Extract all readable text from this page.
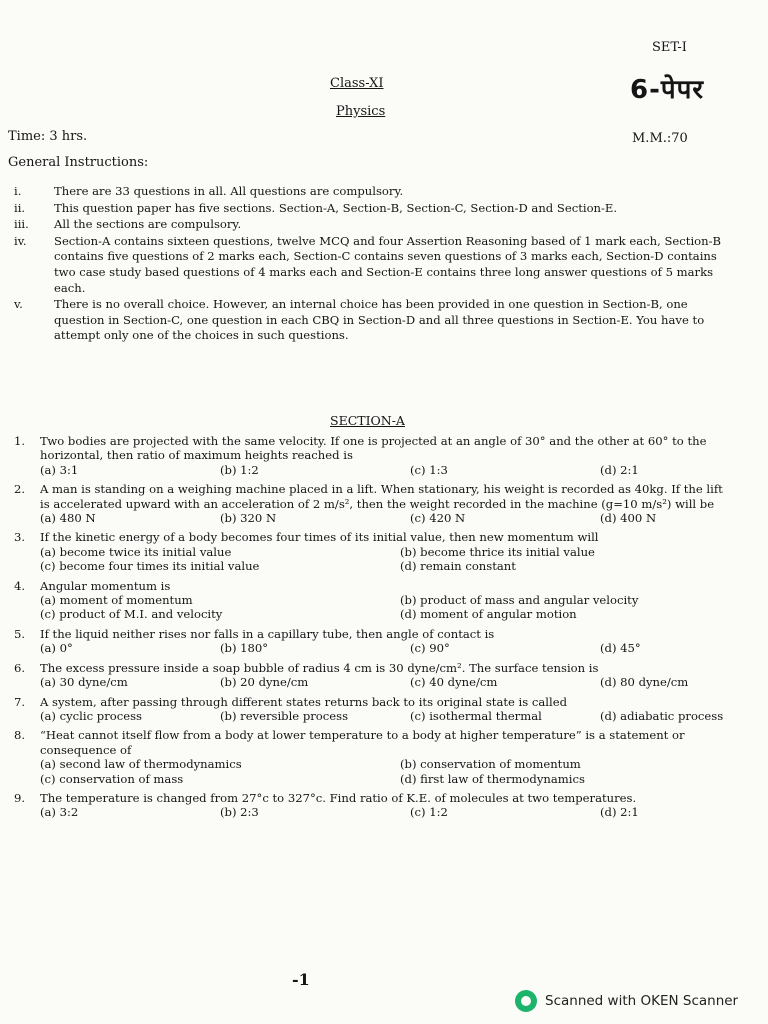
SET-I
Class-XI	6-पेपर
Physics
Time: 3 hrs.	M.M.:70
General Instructions:
i.	There are 33 questions in all. All questions are compulsory.
ii.	This question paper has five sections. Section-A, Section-B, Section-C, Section-D and Section-E.
iii.	All the sections are compulsory.
iv.	Section-A contains sixteen questions, twelve MCQ and four Assertion Reasoning based of 1 mark each, Section-B contains five questions of 2 marks each, Section-C contains seven questions of 3 marks each, Section-D contains two case study based questions of 4 marks each and Section-E contains three long answer questions of 5 marks each.
v.	There is no overall choice. However, an internal choice has been provided in one question in Section-B, one question in Section-C, one question in each CBQ in Section-D and all three questions in Section-E. You have to attempt only one of the choices in such questions.
SECTION-A
1.	Two bodies are projected with the same velocity. If one is projected at an angle of 30° and the other at 60° to the horizontal, then ratio of maximum heights reached is
(a) 3:1	(b) 1:2	(c) 1:3	(d) 2:1
2.	A man is standing on a weighing machine placed in a lift. When stationary, his weight is recorded as 40kg. If the lift is accelerated upward with an acceleration of 2 m/s², then the weight recorded in the machine (g=10 m/s²) will be
(a) 480 N	(b) 320 N	(c) 420 N	(d) 400 N
3.	If the kinetic energy of a body becomes four times of its initial value, then new momentum will
(a) become twice its initial value	(b) become thrice its initial value
(c) become four times its initial value	(d) remain constant
4.	Angular momentum is
(a) moment of momentum	(b) product of mass and angular velocity
(c) product of M.I. and velocity	(d) moment of angular motion
5.	If the liquid neither rises nor falls in a capillary tube, then angle of contact is
(a) 0°	(b) 180°	(c) 90°	(d) 45°
6.	The excess pressure inside a soap bubble of radius 4 cm is 30 dyne/cm². The surface tension is
(a) 30 dyne/cm	(b) 20 dyne/cm	(c) 40 dyne/cm	(d) 80 dyne/cm
7.	A system, after passing through different states returns back to its original state is called
(a) cyclic process	(b) reversible process	(c) isothermal thermal	(d) adiabatic process
8.	“Heat cannot itself flow from a body at lower temperature to a body at higher temperature” is a statement or consequence of
(a) second law of thermodynamics	(b) conservation of momentum
(c) conservation of mass	(d) first law of thermodynamics
9.	The temperature is changed from 27°c to 327°c. Find ratio of K.E. of molecules at two temperatures.
(a) 3:2	(b) 2:3	(c) 1:2	(d) 2:1
-1
Scanned with OKEN Scanner
